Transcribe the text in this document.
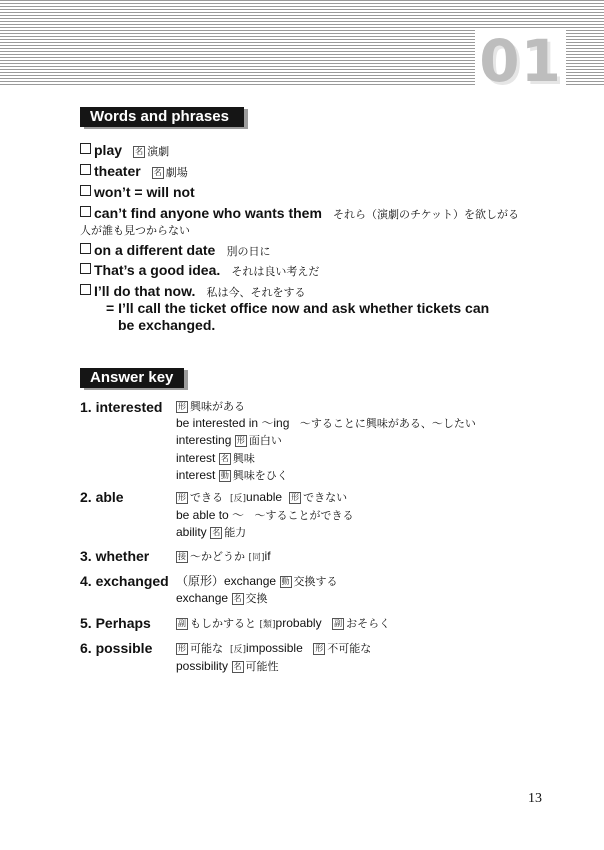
01
Words and phrases
play 名 演劇
theater 名 劇場
won’t = will not
can’t find anyone who wants them それら（演劇のチケット）を欲しがる
人が誰も見つからない
on a different date 別の日に
That’s a good idea. それは良い考えだ
I’ll do that now. 私は今、それをする
= I’ll call the ticket office now and ask whether tickets can
be exchanged.
Answer key
1. interested 形 興味がある
be interested in ～ing ～することに興味がある、～したい
interesting 形 面白い
interest 名 興味
interest 動 興味をひく
2. able	形 できる [反]unable 形 できない
be able to ～ ～することができる
ability 名 能力
3. whether	接 ～かどうか [同]if
4. exchanged （原形）exchange 動 交換する
exchange 名 交換
5. Perhaps	副 もしかすると [類]probably 副 おそらく
6. possible	形 可能な [反]impossible 形 不可能な
possibility 名 可能性
13
